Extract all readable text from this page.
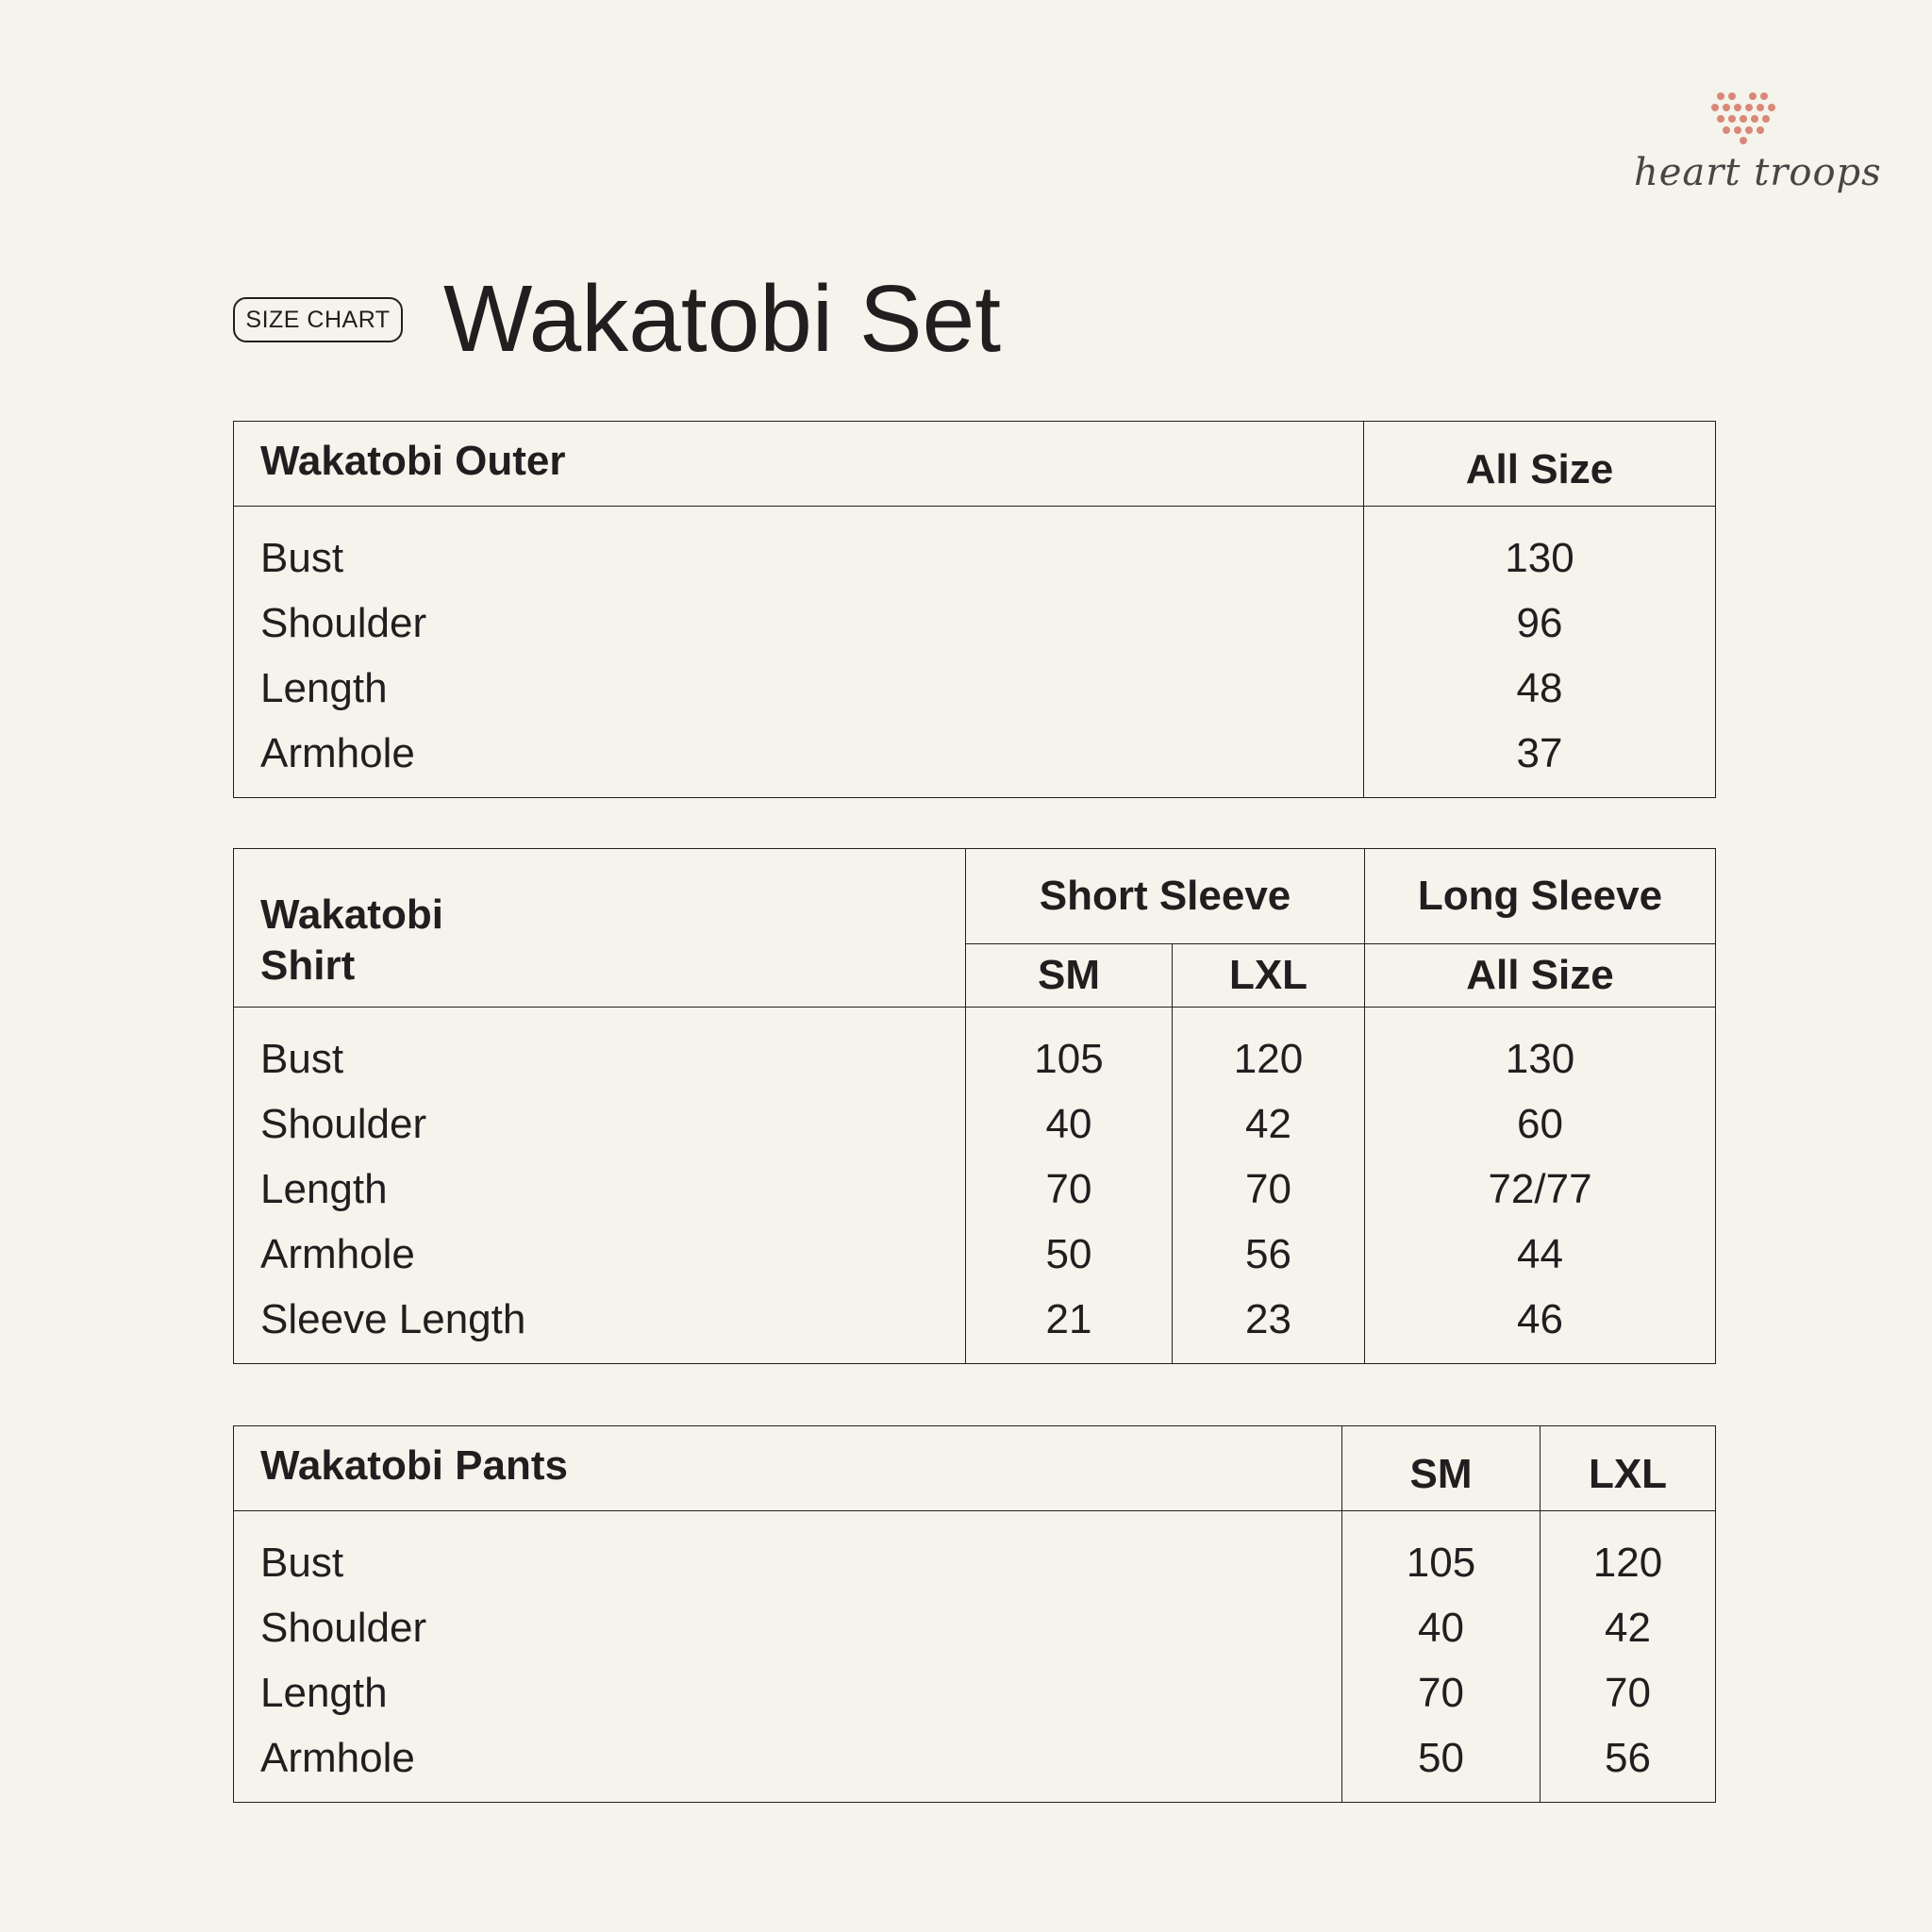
heart troops
SIZE CHART Wakatobi Set
Wakatobi Outer	All Size
Bust	130
Shoulder	96
Length	48
Armhole	37
Wakatobi
Shirt	Short Sleeve		Long Sleeve
	SM	LXL	All Size
Bust	105	120	130
Shoulder	40	42	60
Length	70	70	72/77
Armhole	50	56	44
Sleeve Length	21	23	46
Wakatobi Pants	SM	LXL
Bust	105	120
Shoulder	40	42
Length	70	70
Armhole	50	56
